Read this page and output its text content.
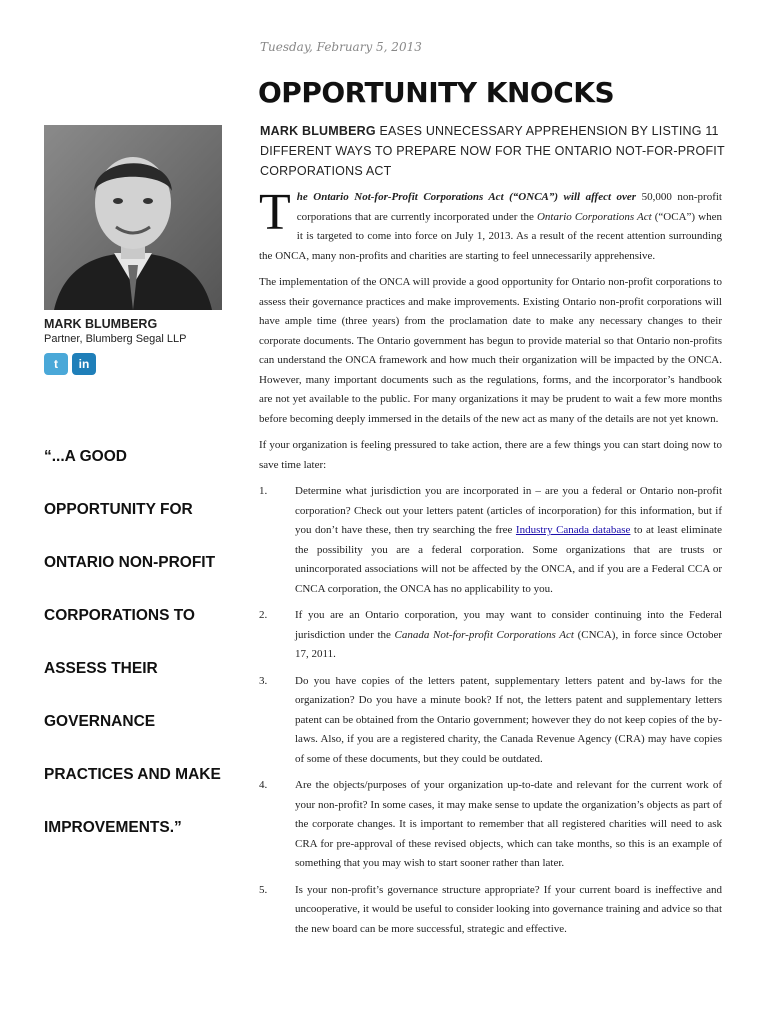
Tuesday, February 5, 2013
OPPORTUNITY KNOCKS
MARK BLUMBERG EASES UNNECESSARY APPREHENSION BY LISTING 11 DIFFERENT WAYS TO PREPARE NOW FOR THE ONTARIO NOT-FOR-PROFIT CORPORATIONS ACT
MARK BLUMBERG
Partner, Blumberg Segal LLP
t	in
“...A GOOD
OPPORTUNITY FOR
ONTARIO NON-PROFIT
CORPORATIONS TO
ASSESS THEIR
GOVERNANCE
PRACTICES AND MAKE
IMPROVEMENTS.”

The Ontario Not-for-Profit Corporations Act (“ONCA”) will affect over 50,000 non-profit corporations that are currently incorporated under the Ontario Corporations Act (“OCA”) when it is targeted to come into force on July 1, 2013. As a result of the recent attention surrounding the ONCA, many non-profits and charities are starting to feel unnecessarily apprehensive.

The implementation of the ONCA will provide a good opportunity for Ontario non-profit corporations to assess their governance practices and make improvements. Existing Ontario non-profit corporations will have ample time (three years) from the proclamation date to make any necessary changes to their corporate documents. The Ontario government has begun to provide material so that Ontario non-profits can understand the ONCA framework and how much their organization will be impacted by the ONCA. However, many important documents such as the regulations, forms, and the incorporator’s handbook are not yet available to the public. For many organizations it may be prudent to wait a few more months before becoming deeply immersed in the details of the new act as many of the details are not yet known.

If your organization is feeling pressured to take action, there are a few things you can start doing now to save time later:

1.	Determine what jurisdiction you are incorporated in – are you a federal or Ontario non-profit corporation? Check out your letters patent (articles of incorporation) for this information, but if you don’t have these, then try searching the free Industry Canada database to at least eliminate the possibility you are a federal corporation. Some organizations that are trusts or unincorporated associations will not be affected by the ONCA, and if you are a Federal CCA or CNCA corporation, the ONCA has no applicability to you.
2.	If you are an Ontario corporation, you may want to consider continuing into the Federal jurisdiction under the Canada Not-for-profit Corporations Act (CNCA), in force since October 17, 2011.
3.	Do you have copies of the letters patent, supplementary letters patent and by-laws for the organization? Do you have a minute book? If not, the letters patent and supplementary letters patent can be obtained from the Ontario government; however they do not keep copies of the by-laws. Also, if you are a registered charity, the Canada Revenue Agency (CRA) may have copies of some of these documents, but they could be outdated.
4.	Are the objects/purposes of your organization up-to-date and relevant for the current work of your non-profit? In some cases, it may make sense to update the organization’s objects as part of the corporate changes. It is important to remember that all registered charities will need to ask CRA for pre-approval of these revised objects, which can take months, so this is an example of something that you may wish to start sooner rather than later.
5.	Is your non-profit’s governance structure appropriate? If your current board is ineffective and uncooperative, it would be useful to consider looking into governance training and advice so that the new board can be more successful, strategic and effective.
